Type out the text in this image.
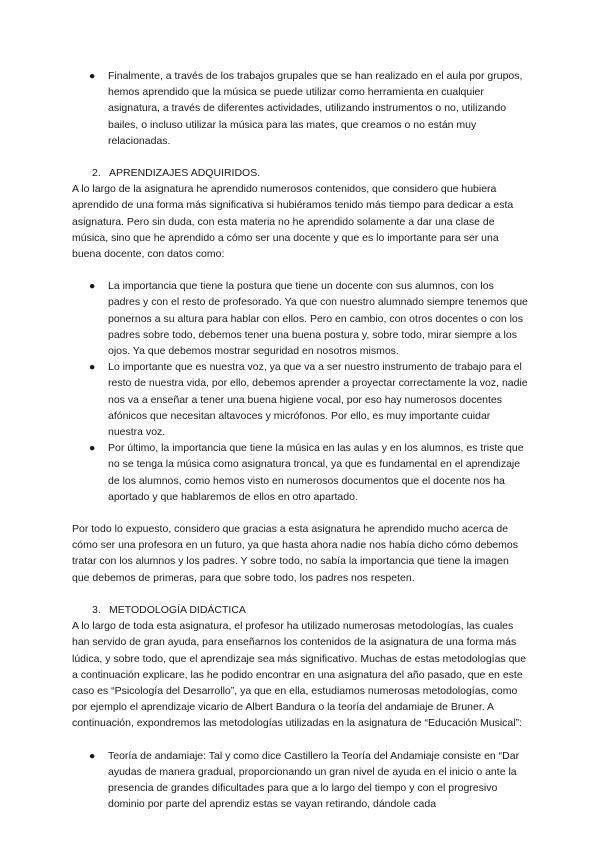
● Finalmente, a través de los trabajos grupales que se han realizado en el aula por grupos, hemos aprendido que la música se puede utilizar como herramienta en cualquier asignatura, a través de diferentes actividades, utilizando instrumentos o no, utilizando bailes, o incluso utilizar la música para las mates, que creamos o no están muy relacionadas.

2. APRENDIZAJES ADQUIRIDOS.

A lo largo de la asignatura he aprendido numerosos contenidos, que considero que hubiera aprendido de una forma más significativa si hubiéramos tenido más tiempo para dedicar a esta asignatura. Pero sin duda, con esta materia no he aprendido solamente a dar una clase de música, sino que he aprendido a cómo ser una docente y que es lo importante para ser una buena docente, con datos como:

● La importancia que tiene la postura que tiene un docente con sus alumnos, con los padres y con el resto de profesorado. Ya que con nuestro alumnado siempre tenemos que ponernos a su altura para hablar con ellos. Pero en cambio, con otros docentes o con los padres sobre todo, debemos tener una buena postura y, sobre todo, mirar siempre a los ojos. Ya que debemos mostrar seguridad en nosotros mismos.
● Lo importante que es nuestra voz, ya que va a ser nuestro instrumento de trabajo para el resto de nuestra vida, por ello, debemos aprender a proyectar correctamente la voz, nadie nos va a enseñar a tener una buena higiene vocal, por eso hay numerosos docentes afónicos que necesitan altavoces y micrófonos. Por ello, es muy importante cuidar nuestra voz.
● Por último, la importancia que tiene la música en las aulas y en los alumnos, es triste que no se tenga la música como asignatura troncal, ya que es fundamental en el aprendizaje de los alumnos, como hemos visto en numerosos documentos que el docente nos ha aportado y que hablaremos de ellos en otro apartado.

Por todo lo expuesto, considero que gracias a esta asignatura he aprendido mucho acerca de cómo ser una profesora en un futuro, ya que hasta ahora nadie nos había dicho cómo debemos tratar con los alumnos y los padres. Y sobre todo, no sabía la importancia que tiene la imagen que debemos de primeras, para que sobre todo, los padres nos respeten.

3. METODOLOGÍA DIDÁCTICA

A lo largo de toda esta asignatura, el profesor ha utilizado numerosas metodologías, las cuales han servido de gran ayuda, para enseñarnos los contenidos de la asignatura de una forma más lúdica, y sobre todo, que el aprendizaje sea más significativo. Muchas de estas metodologías que a continuación explicare, las he podido encontrar en una asignatura del año pasado, que en este caso es “Psicología del Desarrollo”, ya que en ella, estudiamos numerosas metodologías, como por ejemplo el aprendizaje vicario de Albert Bandura o la teoría del andamiaje de Bruner. A continuación, expondremos las metodologías utilizadas en la asignatura de “Educación Musical”:

● Teoría de andamiaje: Tal y como dice Castillero la Teoría del Andamiaje consiste en “Dar ayudas de manera gradual, proporcionando un gran nivel de ayuda en el inicio o ante la presencia de grandes dificultades para que a lo largo del tiempo y con el progresivo dominio por parte del aprendiz estas se vayan retirando, dándole cada
